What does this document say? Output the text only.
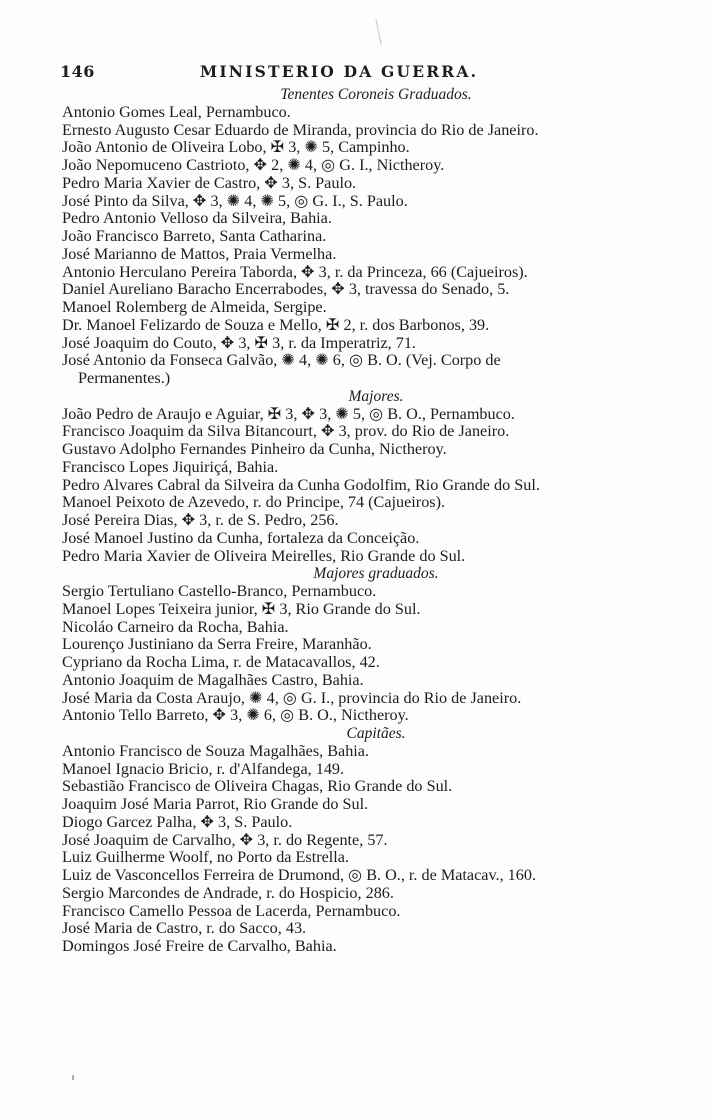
146	MINISTERIO DA GUERRA.
Tenentes Coroneis Graduados.
Antonio Gomes Leal, Pernambuco.
Ernesto Augusto Cesar Eduardo de Miranda, provincia do Rio de Janeiro.
João Antonio de Oliveira Lobo, ✠ 3, ✺ 5, Campinho.
João Nepomuceno Castrioto, ✥ 2, ✺ 4, ◎ G. I., Nictheroy.
Pedro Maria Xavier de Castro, ✥ 3, S. Paulo.
José Pinto da Silva, ✥ 3, ✺ 4, ✺ 5, ◎ G. I., S. Paulo.
Pedro Antonio Velloso da Silveira, Bahia.
João Francisco Barreto, Santa Catharina.
José Marianno de Mattos, Praia Vermelha.
Antonio Herculano Pereira Taborda, ✥ 3, r. da Princeza, 66 (Cajueiros).
Daniel Aureliano Baracho Encerrabodes, ✥ 3, travessa do Senado, 5.
Manoel Rolemberg de Almeida, Sergipe.
Dr. Manoel Felizardo de Souza e Mello, ✠ 2, r. dos Barbonos, 39.
José Joaquim do Couto, ✥ 3, ✠ 3, r. da Imperatriz, 71.
José Antonio da Fonseca Galvão, ✺ 4, ✺ 6, ◎ B. O. (Vej. Corpo de
Permanentes.)
Majores.
João Pedro de Araujo e Aguiar, ✠ 3, ✥ 3, ✺ 5, ◎ B. O., Pernambuco.
Francisco Joaquim da Silva Bitancourt, ✥ 3, prov. do Rio de Janeiro.
Gustavo Adolpho Fernandes Pinheiro da Cunha, Nictheroy.
Francisco Lopes Jiquiriçá, Bahia.
Pedro Alvares Cabral da Silveira da Cunha Godolfim, Rio Grande do Sul.
Manoel Peixoto de Azevedo, r. do Principe, 74 (Cajueiros).
José Pereira Dias, ✥ 3, r. de S. Pedro, 256.
José Manoel Justino da Cunha, fortaleza da Conceição.
Pedro Maria Xavier de Oliveira Meirelles, Rio Grande do Sul.
Majores graduados.
Sergio Tertuliano Castello-Branco, Pernambuco.
Manoel Lopes Teixeira junior, ✠ 3, Rio Grande do Sul.
Nicoláo Carneiro da Rocha, Bahia.
Lourenço Justiniano da Serra Freire, Maranhão.
Cypriano da Rocha Lima, r. de Matacavallos, 42.
Antonio Joaquim de Magalhães Castro, Bahia.
José Maria da Costa Araujo, ✺ 4, ◎ G. I., provincia do Rio de Janeiro.
Antonio Tello Barreto, ✥ 3, ✺ 6, ◎ B. O., Nictheroy.
Capitães.
Antonio Francisco de Souza Magalhães, Bahia.
Manoel Ignacio Bricio, r. d'Alfandega, 149.
Sebastião Francisco de Oliveira Chagas, Rio Grande do Sul.
Joaquim José Maria Parrot, Rio Grande do Sul.
Diogo Garcez Palha, ✥ 3, S. Paulo.
José Joaquim de Carvalho, ✥ 3, r. do Regente, 57.
Luiz Guilherme Woolf, no Porto da Estrella.
Luiz de Vasconcellos Ferreira de Drumond, ◎ B. O., r. de Matacav., 160.
Sergio Marcondes de Andrade, r. do Hospicio, 286.
Francisco Camello Pessoa de Lacerda, Pernambuco.
José Maria de Castro, r. do Sacco, 43.
Domingos José Freire de Carvalho, Bahia.
